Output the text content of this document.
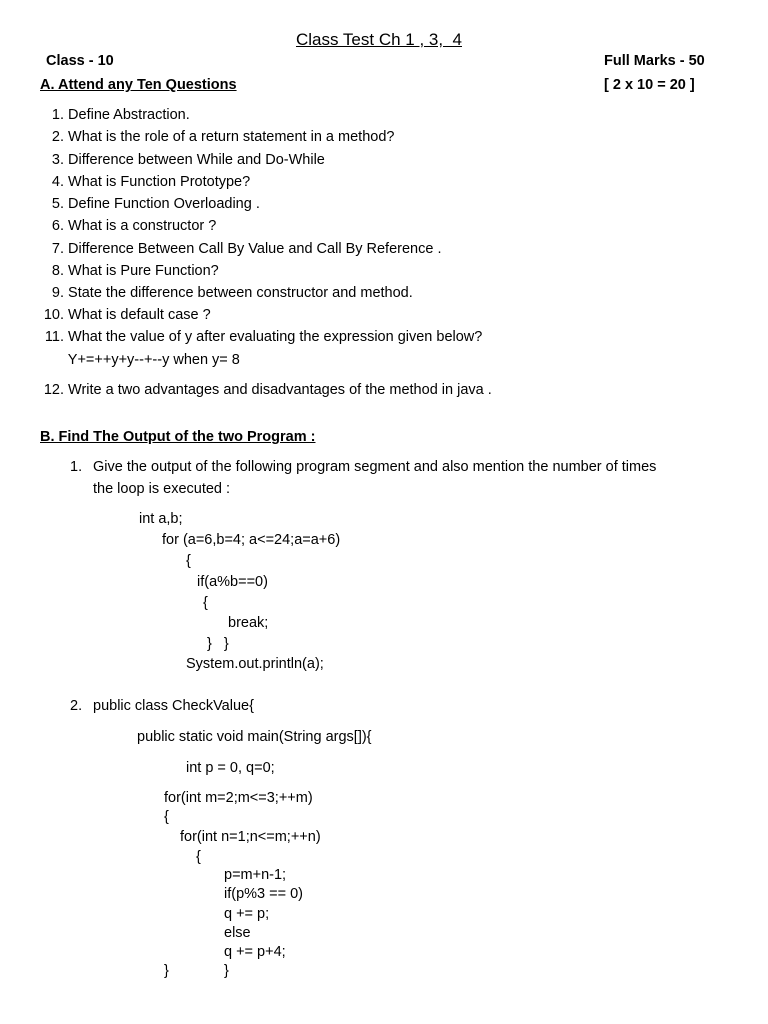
Class Test Ch 1 , 3,  4
Class - 10	Full Marks - 50
A. Attend any Ten Questions	[ 2 x 10 = 20 ]
1. Define Abstraction.
2. What is the role of a return statement in a method?
3. Difference between While and Do-While
4. What is Function Prototype?
5. Define Function Overloading .
6. What is a constructor ?
7. Difference Between Call By Value and Call By Reference .
8. What is Pure Function?
9. State the difference between constructor and method.
10. What is default case ?
11. What the value of y after evaluating the expression given below?
Y+=++y+y--+--y when y= 8
12. Write a two advantages and disadvantages of the method in java .
B. Find The Output of the two Program :
1. Give the output of the following program segment and also mention the number of times
the loop is executed :
int a,b;
for (a=6,b=4; a<=24;a=a+6)
{
if(a%b==0)
{
break;
}   }
System.out.println(a);
2. public class CheckValue{
public static void main(String args[]){
int p = 0, q=0;
for(int m=2;m<=3;++m)
{
for(int n=1;n<=m;++n)
{
p=m+n-1;
if(p%3 == 0)
q += p;
else
q += p+4;
}
}
